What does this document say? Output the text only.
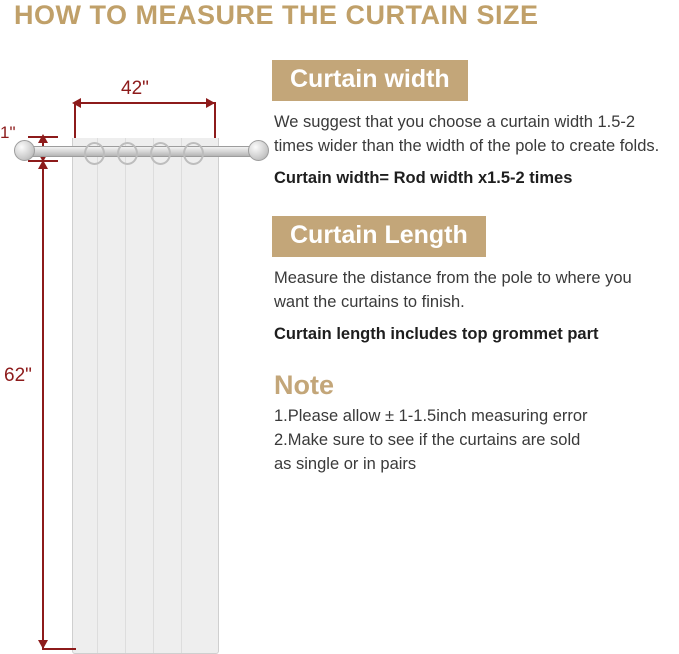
HOW TO MEASURE THE CURTAIN SIZE
42"
1"
62"
Curtain width

We suggest that you choose a curtain width 1.5-2 times wider than the width of the pole to create folds.

Curtain width= Rod width x1.5-2 times

Curtain Length

Measure the distance from the pole to where you want the curtains to finish.

Curtain length includes top grommet part

Note

1.Please allow ± 1-1.5inch measuring error

2.Make sure to see if the curtains are sold

as single or in pairs
